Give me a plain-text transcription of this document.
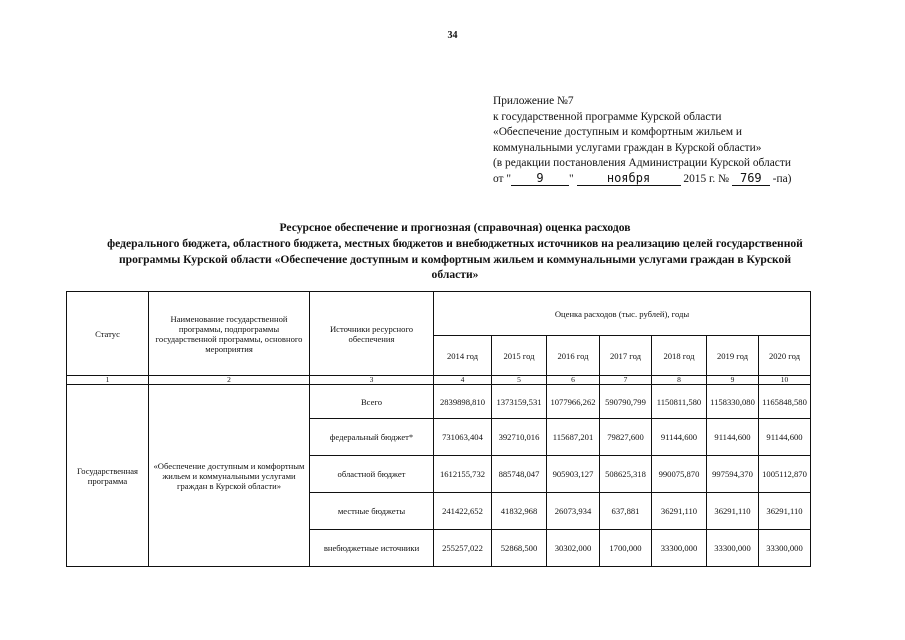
34
Приложение №7
к государственной программе Курской области
«Обеспечение доступным и комфортным жильем и
коммунальными услугами граждан в Курской области»
(в редакции постановления Администрации Курской области
от " 9 "	ноября	2015 г. № 769 -па)
Ресурсное обеспечение и прогнозная (справочная) оценка расходов
федерального бюджета, областного бюджета, местных бюджетов и внебюджетных источников на реализацию целей государственной
программы Курской области «Обеспечение доступным и комфортным жильем и коммунальными услугами граждан в Курской
области»
Статус	Наименование государственной программы, подпрограммы государственной программы, основного мероприятия	Источники ресурсного обеспечения	Оценка расходов (тыс. рублей), годы						
			2014 год	2015 год	2016 год	2017 год	2018 год	2019 год	2020 год
1	2	3	4	5	6	7	8	9	10
Государственная программа	«Обеспечение доступным и комфортным жильем и коммунальными услугами граждан в Курской области»	Всего	2839898,810	1373159,531	1077966,262	590790,799	1150811,580	1158330,080	1165848,580
		федеральный бюджет*	731063,404	392710,016	115687,201	79827,600	91144,600	91144,600	91144,600
		областной бюджет	1612155,732	885748,047	905903,127	508625,318	990075,870	997594,370	1005112,870
		местные бюджеты	241422,652	41832,968	26073,934	637,881	36291,110	36291,110	36291,110
		внебюджетные источники	255257,022	52868,500	30302,000	1700,000	33300,000	33300,000	33300,000
